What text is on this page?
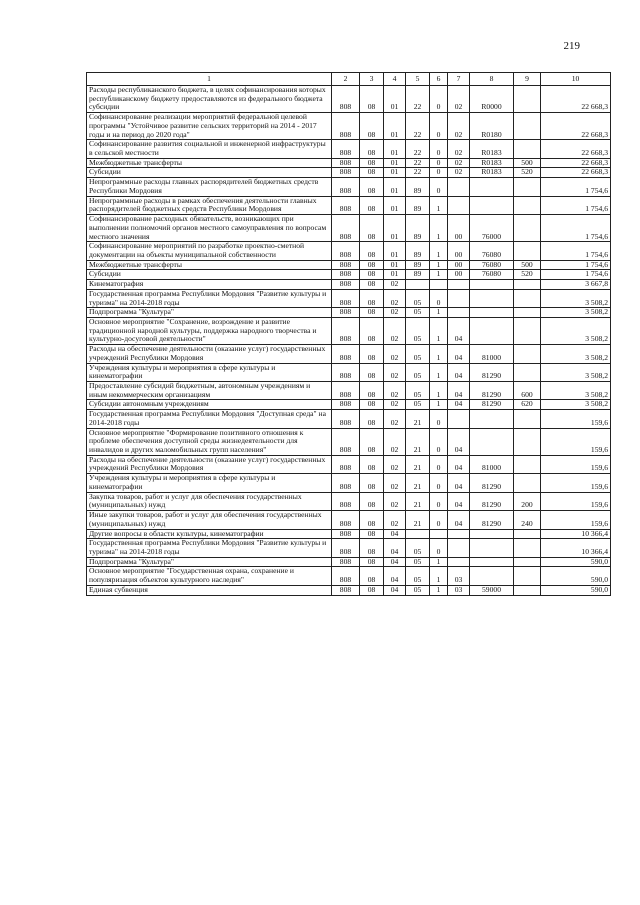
219
1	2	3	4	5	6	7	8	9	10
Расходы республиканского бюджета, в целях софинансирования которых республиканскому бюджету предоставляются из федерального бюджета субсидии	808	08	01	22	0	02	R0000		22 668,3
Софинансирование реализации мероприятий федеральной целевой программы "Устойчивое развитие сельских территорий на 2014 - 2017 годы и на период до 2020 года"	808	08	01	22	0	02	R0180		22 668,3
Софинансирование развития социальной и инженерной инфраструктуры в сельской местности	808	08	01	22	0	02	R0183		22 668,3
Межбюджетные трансферты	808	08	01	22	0	02	R0183	500	22 668,3
Субсидии	808	08	01	22	0	02	R0183	520	22 668,3
Непрограммные расходы главных распорядителей бюджетных средств Республики Мордовия	808	08	01	89	0				1 754,6
Непрограммные расходы в рамках обеспечения деятельности главных распорядителей бюджетных средств Республики Мордовия	808	08	01	89	1				1 754,6
Софинансирование расходных обязательств, возникающих при выполнении полномочий органов местного самоуправления по вопросам местного значения	808	08	01	89	1	00	76000		1 754,6
Софинансирование мероприятий по разработке проектно-сметной документации на объекты муниципальной собственности	808	08	01	89	1	00	76080		1 754,6
Межбюджетные трансферты	808	08	01	89	1	00	76080	500	1 754,6
Субсидии	808	08	01	89	1	00	76080	520	1 754,6
Кинематография	808	08	02						3 667,8
Государственная программа Республики Мордовия "Развитие культуры и туризма" на 2014-2018 годы	808	08	02	05	0				3 508,2
Подпрограмма "Культура"	808	08	02	05	1				3 508,2
Основное мероприятие "Сохранение, возрождение и развитие традиционной народной культуры, поддержка народного творчества и культурно-досуговой деятельности"	808	08	02	05	1	04			3 508,2
Расходы на обеспечение деятельности (оказание услуг) государственных учреждений Республики Мордовия	808	08	02	05	1	04	81000		3 508,2
Учреждения культуры и мероприятия в сфере культуры и кинематографии	808	08	02	05	1	04	81290		3 508,2
Предоставление субсидий бюджетным, автономным учреждениям и иным некоммерческим организациям	808	08	02	05	1	04	81290	600	3 508,2
Субсидии автономным учреждениям	808	08	02	05	1	04	81290	620	3 508,2
Государственная программа Республики Мордовия "Доступная среда" на 2014-2018 годы	808	08	02	21	0				159,6
Основное мероприятие "Формирование позитивного отношения к проблеме обеспечения доступной среды жизнедеятельности для инвалидов и других маломобильных групп населения"	808	08	02	21	0	04			159,6
Расходы на обеспечение деятельности (оказание услуг) государственных учреждений Республики Мордовия	808	08	02	21	0	04	81000		159,6
Учреждения культуры и мероприятия в сфере культуры и кинематографии	808	08	02	21	0	04	81290		159,6
Закупка товаров, работ и услуг для обеспечения государственных (муниципальных) нужд	808	08	02	21	0	04	81290	200	159,6
Иные закупки товаров, работ и услуг для обеспечения государственных (муниципальных) нужд	808	08	02	21	0	04	81290	240	159,6
Другие вопросы в области культуры, кинематографии	808	08	04						10 366,4
Государственная программа Республики Мордовия "Развитие культуры и туризма" на 2014-2018 годы	808	08	04	05	0				10 366,4
Подпрограмма "Культура"	808	08	04	05	1				590,0
Основное мероприятие "Государственная охрана, сохранение и популяризация объектов культурного наследия"	808	08	04	05	1	03			590,0
Единая субвенция	808	08	04	05	1	03	59000		590,0
